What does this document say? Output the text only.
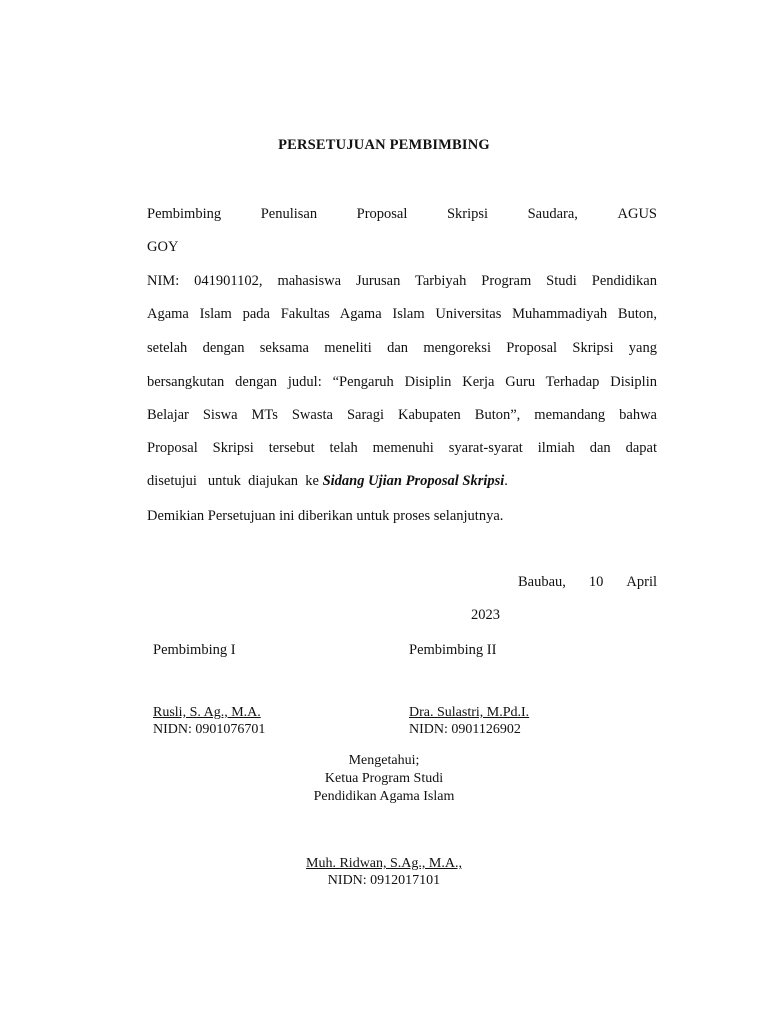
PERSETUJUAN PEMBIMBING

Pembimbing	Penulisan	Proposal	Skripsi	Saudara,	AGUS

GOY

NIM: 041901102, mahasiswa Jurusan Tarbiyah Program Studi Pendidikan

Agama Islam pada Fakultas Agama Islam Universitas Muhammadiyah Buton,

setelah dengan seksama meneliti dan mengoreksi Proposal Skripsi yang

bersangkutan dengan judul: “Pengaruh Disiplin Kerja Guru Terhadap Disiplin

Belajar Siswa MTs Swasta Saragi Kabupaten Buton”, memandang bahwa

Proposal Skripsi tersebut telah memenuhi syarat-syarat ilmiah dan dapat

disetujui   untuk  diajukan  ke Sidang Ujian Proposal Skripsi.

Demikian Persetujuan ini diberikan untuk proses selanjutnya.

Baubau, 10 April

2023

Pembimbing I	Pembimbing II

Rusli, S. Ag., M.A.

NIDN: 0901076701

Dra. Sulastri, M.Pd.I.

NIDN: 0901126902

Mengetahui;

Ketua Program Studi

Pendidikan Agama Islam

Muh. Ridwan, S.Ag., M.A.,

NIDN: 0912017101
